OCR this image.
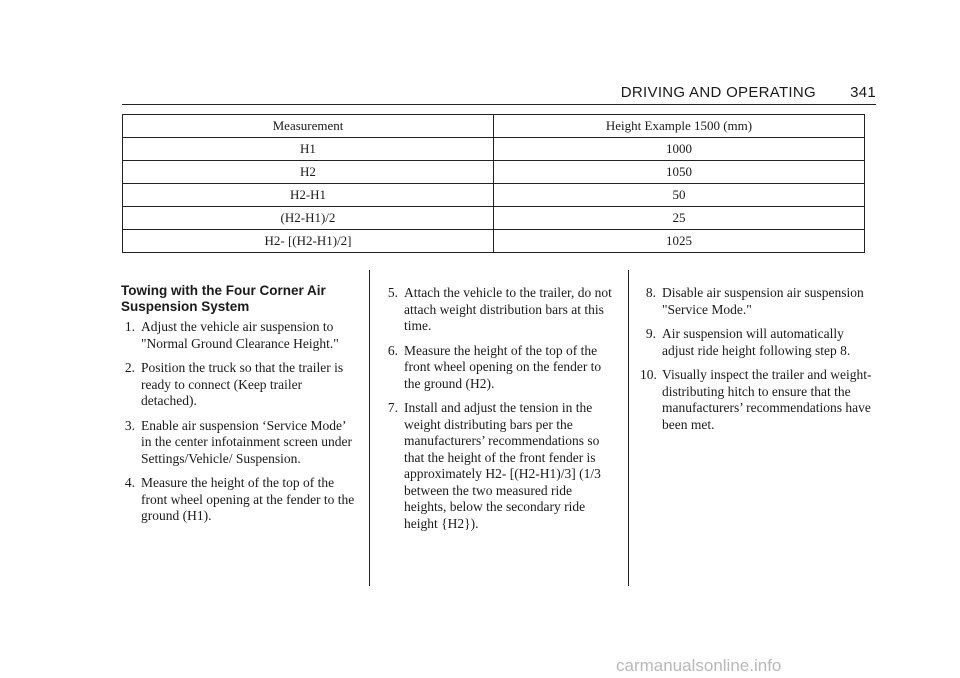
DRIVING AND OPERATING 341
Measurement	Height Example 1500 (mm)
H1	1000
H2	1050
H2-H1	50
(H2-H1)/2	25
H2- [(H2-H1)/2]	1025
Towing with the Four Corner Air
Suspension System
1. Adjust the vehicle air suspension to "Normal Ground Clearance Height."
2. Position the truck so that the trailer is ready to connect (Keep trailer detached).
3. Enable air suspension ‘Service Mode’ in the center infotainment screen under Settings/Vehicle/ Suspension.
4. Measure the height of the top of the front wheel opening at the fender to the ground (H1).
5. Attach the vehicle to the trailer, do not attach weight distribution bars at this time.
6. Measure the height of the top of the front wheel opening on the fender to the ground (H2).
7. Install and adjust the tension in the weight distributing bars per the manufacturers’ recommendations so that the height of the front fender is approximately H2- [(H2-H1)/3] (1/3 between the two measured ride heights, below the secondary ride height {H2}).
8. Disable air suspension air suspension "Service Mode."
9. Air suspension will automatically adjust ride height following step 8.
10. Visually inspect the trailer and weight-distributing hitch to ensure that the manufacturers’ recommendations have been met.
carmanualsonline.info
